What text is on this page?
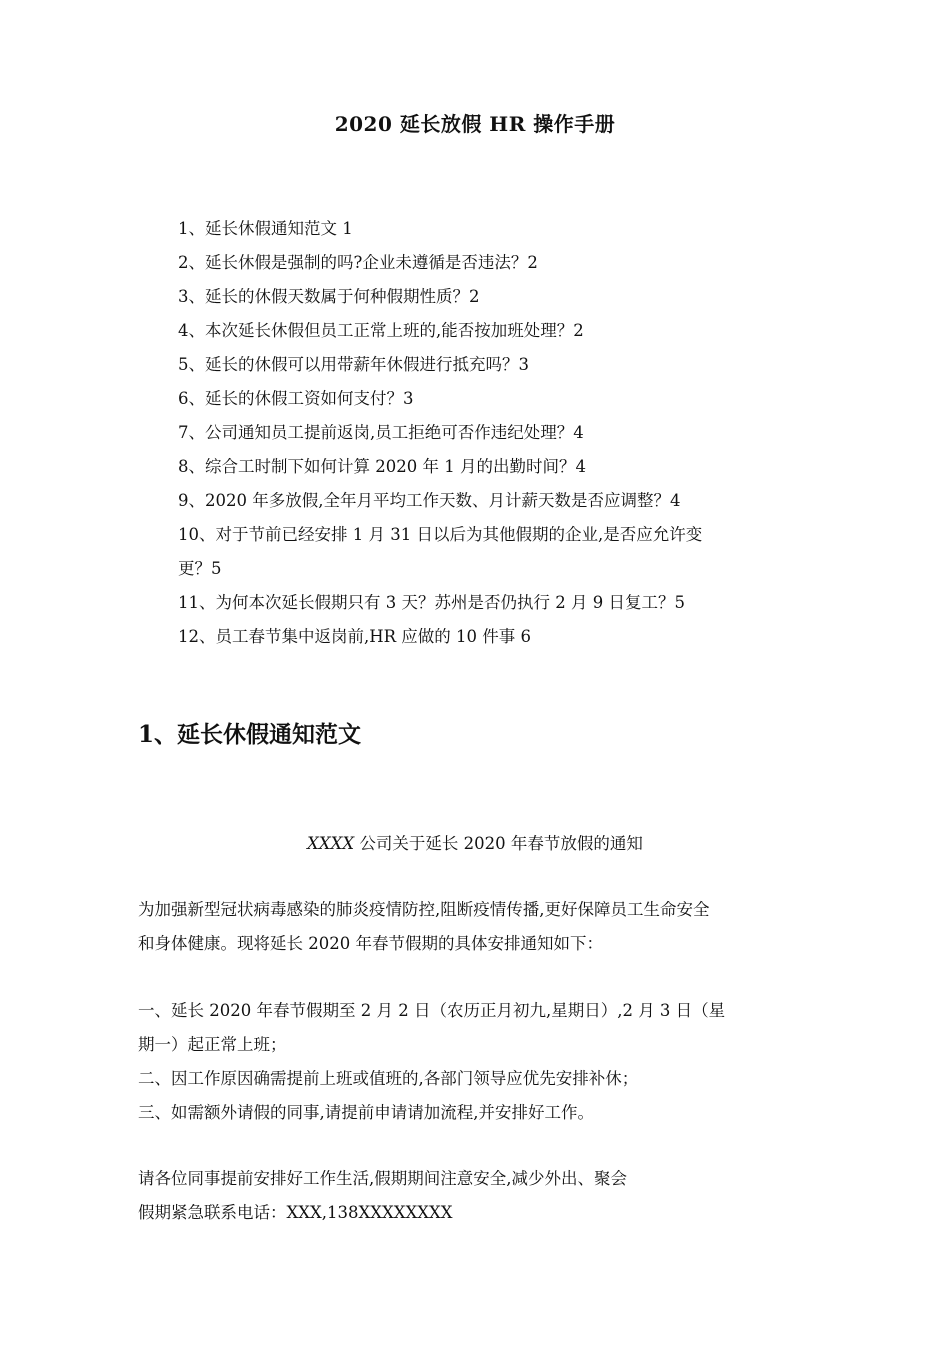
2020 延长放假 HR 操作手册
1、延长休假通知范文 1
2、延长休假是强制的吗?企业未遵循是否违法？2
3、延长的休假天数属于何种假期性质？2
4、本次延长休假但员工正常上班的,能否按加班处理？2
5、延长的休假可以用带薪年休假进行抵充吗？3
6、延长的休假工资如何支付？3
7、公司通知员工提前返岗,员工拒绝可否作违纪处理？4
8、综合工时制下如何计算 2020 年 1 月的出勤时间？4
9、2020 年多放假,全年月平均工作天数、月计薪天数是否应调整？4
10、对于节前已经安排 1 月 31 日以后为其他假期的企业,是否应允许变
更？5
11、为何本次延长假期只有 3 天？苏州是否仍执行 2 月 9 日复工？5
12、员工春节集中返岗前,HR 应做的 10 件事 6
1、延长休假通知范文
XXXX 公司关于延长 2020 年春节放假的通知

为加强新型冠状病毒感染的肺炎疫情防控,阻断疫情传播,更好保障员工生命安全

和身体健康。现将延长 2020 年春节假期的具体安排通知如下：

一、延长 2020 年春节假期至 2 月 2 日（农历正月初九,星期日）,2 月 3 日（星

期一）起正常上班；

二、因工作原因确需提前上班或值班的,各部门领导应优先安排补休；

三、如需额外请假的同事,请提前申请请加流程,并安排好工作。

请各位同事提前安排好工作生活,假期期间注意安全,减少外出、聚会

假期紧急联系电话：XXX,138XXXXXXXX
